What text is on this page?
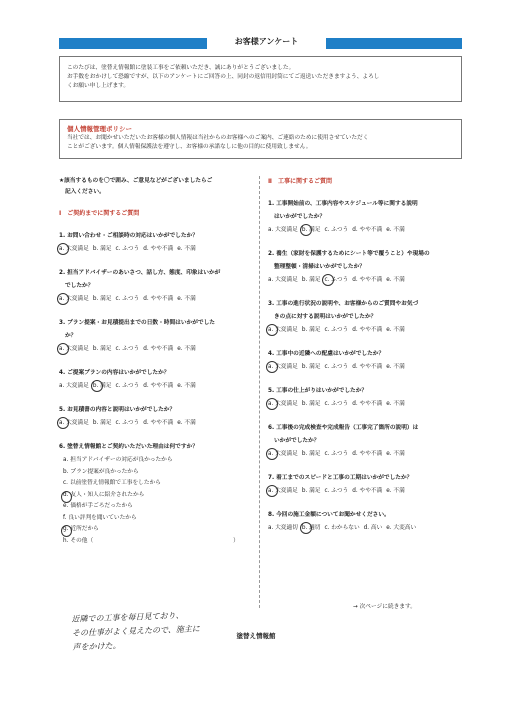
お客様アンケート
このたびは、塗替え情報館に塗装工事をご依頼いただき、誠にありがとうございました。
お手数をおかけして恐縮ですが、以下のアンケートにご回答の上、同封の返信用封筒にてご返送いただきますよう、よろし
くお願い申し上げます。
個人情報管理ポリシー
当社では、お聞かせいただいたお客様の個人情報は当社からのお客様へのご案内、ご連絡のために使用させていただく
ことがございます。個人情報保護法を遵守し、お客様の承諾なしに他の目的に使用致しません。
★該当するものを〇で囲み、ご意見などがございましたらご
記入ください。
Ⅰ　ご契約までに関するご質問
1. お問い合わせ・ご相談時の対応はいかがでしたか？
a. 大変満足 b. 満足 c. ふつう d. やや不満 e. 不満
2. 担当アドバイザーのあいさつ、話し方、態度、印象はいかが
でしたか？
a. 大変満足 b. 満足 c. ふつう d. やや不満 e. 不満
3. プラン提案・お見積提出までの日数・時間はいかがでした
か？
a. 大変満足 b. 満足 c. ふつう d. やや不満 e. 不満
4. ご提案プランの内容はいかがでしたか？
a. 大変満足 b. 満足 c. ふつう d. やや不満 e. 不満
5. お見積書の内容と説明はいかがでしたか？
a. 大変満足 b. 満足 c. ふつう d. やや不満 e. 不満
6. 塗替え情報館とご契約いただいた理由は何ですか？
a. 担当アドバイザーの対応が良かったから
b. プラン提案が良かったから
c. 以前塗替え情報館で工事をしたから
d. 友人・知人に紹介されたから
e. 価格が手ごろだったから
f. 良い評判を聞いていたから
g. 近所だから
h. その他（	）
Ⅱ　工事に関するご質問
1. 工事開始前の、工事内容やスケジュール等に関する説明
はいかがでしたか？
a. 大変満足 b. 満足 c. ふつう d. やや不満 e. 不満
2. 養生（家財を保護するためにシート等で覆うこと）や現場の
整理整頓・清掃はいかがでしたか？
a. 大変満足 b. 満足 c. ふつう d. やや不満 e. 不満
3. 工事の進行状況の説明や、お客様からのご質問やお気づ
きの点に対する説明はいかがでしたか？
a. 大変満足 b. 満足 c. ふつう d. やや不満 e. 不満
4. 工事中の近隣への配慮はいかがでしたか？
a. 大変満足 b. 満足 c. ふつう d. やや不満 e. 不満
5. 工事の仕上がりはいかがでしたか？
a. 大変満足 b. 満足 c. ふつう d. やや不満 e. 不満
6. 工事後の完成検査や完成報告（工事完了箇所の説明）は
いかがでしたか？
a. 大変満足 b. 満足 c. ふつう d. やや不満 e. 不満
7. 着工までのスピードと工事の工期はいかがでしたか？
a. 大変満足 b. 満足 c. ふつう d. やや不満 e. 不満
8. 今回の施工金額についてお聞かせください。
a. 大変適切 b. 適切 c. わからない d. 高い e. 大変高い
→ 次ページに続きます。
近隣での工事を毎日見ており、
その仕事がよく見えたので、施主に
声をかけた。
塗替え情報館
